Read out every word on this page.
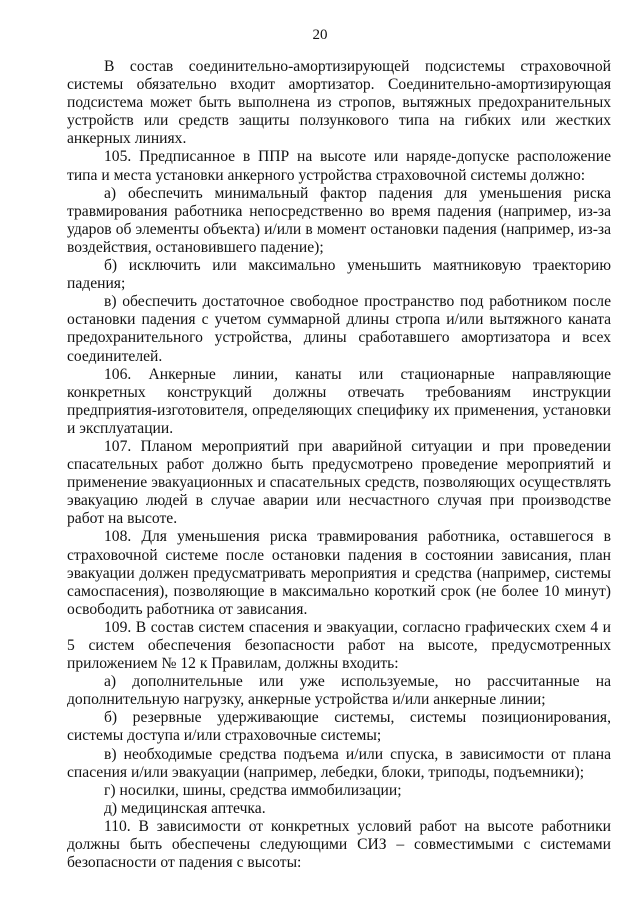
20

В состав соединительно-амортизирующей подсистемы страховочной системы обязательно входит амортизатор. Соединительно-амортизирующая подсистема может быть выполнена из стропов, вытяжных предохранительных устройств или средств защиты ползункового типа на гибких или жестких анкерных линиях.

105. Предписанное в ППР на высоте или наряде-допуске расположение типа и места установки анкерного устройства страховочной системы должно:

а) обеспечить минимальный фактор падения для уменьшения риска травмирования работника непосредственно во время падения (например, из-за ударов об элементы объекта) и/или в момент остановки падения (например, из-за воздействия, остановившего падение);

б) исключить или максимально уменьшить маятниковую траекторию падения;

в) обеспечить достаточное свободное пространство под работником после остановки падения с учетом суммарной длины стропа и/или вытяжного каната предохранительного устройства, длины сработавшего амортизатора и всех соединителей.

106. Анкерные линии, канаты или стационарные направляющие конкретных конструкций должны отвечать требованиям инструкции предприятия-изготовителя, определяющих специфику их применения, установки и эксплуатации.

107. Планом мероприятий при аварийной ситуации и при проведении спасательных работ должно быть предусмотрено проведение мероприятий и применение эвакуационных и спасательных средств, позволяющих осуществлять эвакуацию людей в случае аварии или несчастного случая при производстве работ на высоте.

108. Для уменьшения риска травмирования работника, оставшегося в страховочной системе после остановки падения в состоянии зависания, план эвакуации должен предусматривать мероприятия и средства (например, системы самоспасения), позволяющие в максимально короткий срок (не более 10 минут) освободить работника от зависания.

109. В состав систем спасения и эвакуации, согласно графических схем 4 и 5 систем обеспечения безопасности работ на высоте, предусмотренных приложением № 12 к Правилам, должны входить:

а) дополнительные или уже используемые, но рассчитанные на дополнительную нагрузку, анкерные устройства и/или анкерные линии;

б) резервные удерживающие системы, системы позиционирования, системы доступа и/или страховочные системы;

в) необходимые средства подъема и/или спуска, в зависимости от плана спасения и/или эвакуации (например, лебедки, блоки, триподы, подъемники);

г) носилки, шины, средства иммобилизации;

д) медицинская аптечка.

110. В зависимости от конкретных условий работ на высоте работники должны быть обеспечены следующими СИЗ – совместимыми с системами безопасности от падения с высоты:
